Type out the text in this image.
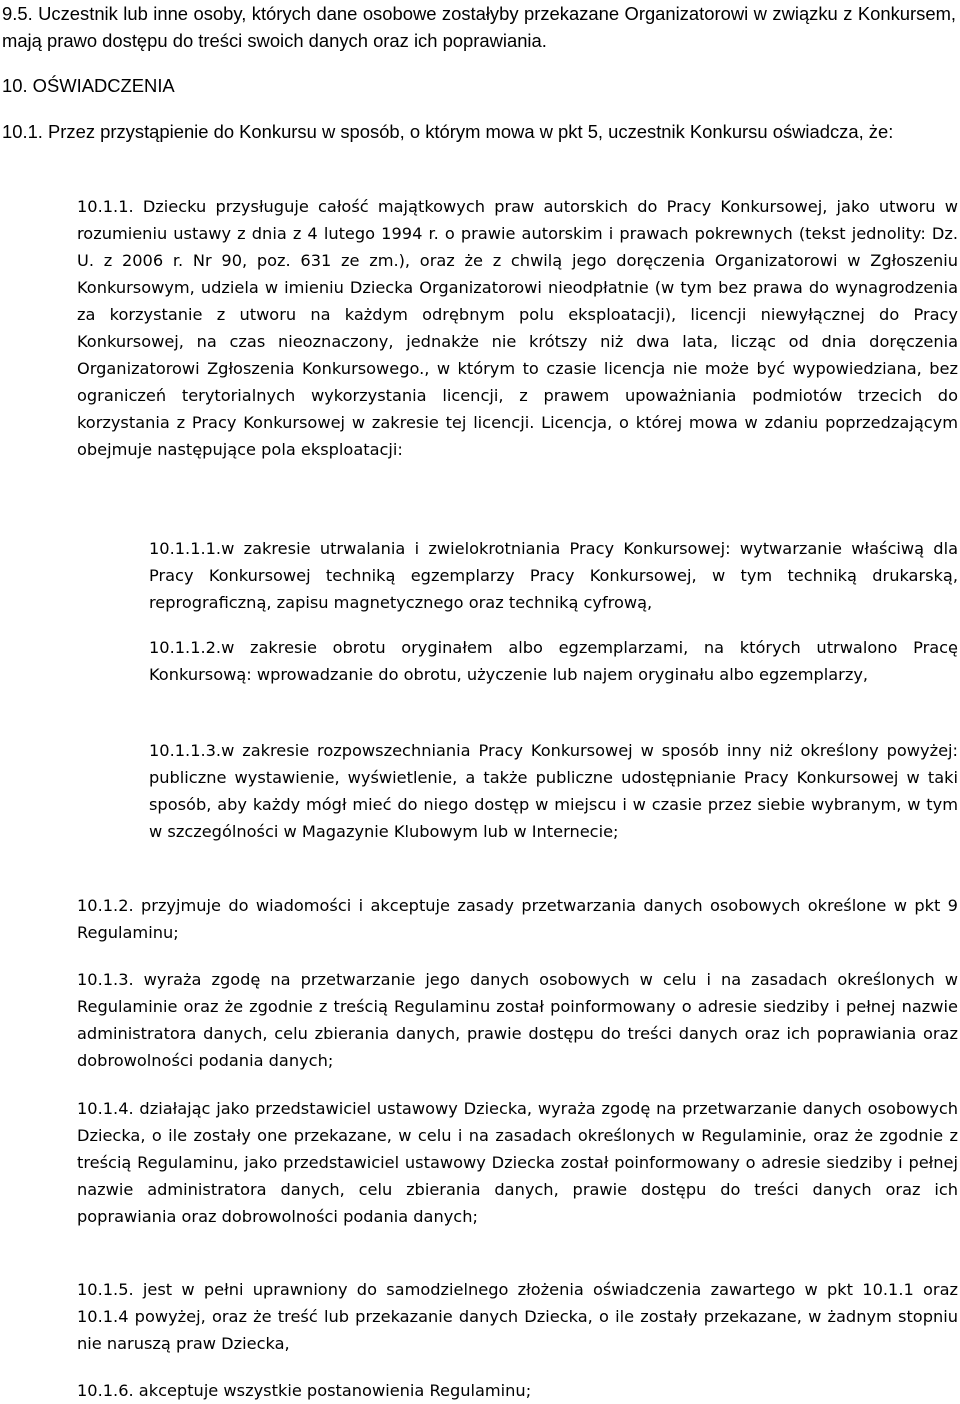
9.5. Uczestnik lub inne osoby, których dane osobowe zostałyby przekazane Organizatorowi w związku z Konkursem, mają prawo dostępu do treści swoich danych oraz ich poprawiania.

10. OŚWIADCZENIA

10.1. Przez przystąpienie do Konkursu w sposób, o którym mowa w pkt 5, uczestnik Konkursu oświadcza, że:

10.1.1. Dziecku przysługuje całość majątkowych praw autorskich do Pracy Konkursowej, jako utworu w rozumieniu ustawy z dnia z 4 lutego 1994 r. o prawie autorskim i prawach pokrewnych (tekst jednolity: Dz. U. z 2006 r. Nr 90, poz. 631 ze zm.), oraz że z chwilą jego doręczenia Organizatorowi w Zgłoszeniu Konkursowym, udziela w imieniu Dziecka Organizatorowi nieodpłatnie (w tym bez prawa do wynagrodzenia za korzystanie z utworu na każdym odrębnym polu eksploatacji), licencji niewyłącznej do Pracy Konkursowej, na czas nieoznaczony, jednakże nie krótszy niż dwa lata, licząc od dnia doręczenia Organizatorowi Zgłoszenia Konkursowego., w którym to czasie licencja nie może być wypowiedziana, bez ograniczeń terytorialnych wykorzystania licencji, z prawem upoważniania podmiotów trzecich do korzystania z Pracy Konkursowej w zakresie tej licencji. Licencja, o której mowa w zdaniu poprzedzającym obejmuje następujące pola eksploatacji:

10.1.1.1.w zakresie utrwalania i zwielokrotniania Pracy Konkursowej: wytwarzanie właściwą dla Pracy Konkursowej techniką egzemplarzy Pracy Konkursowej, w tym techniką drukarską, reprograficzną, zapisu magnetycznego oraz techniką cyfrową,

10.1.1.2.w zakresie obrotu oryginałem albo egzemplarzami, na których utrwalono Pracę Konkursową: wprowadzanie do obrotu, użyczenie lub najem oryginału albo egzemplarzy,

10.1.1.3.w zakresie rozpowszechniania Pracy Konkursowej w sposób inny niż określony powyżej: publiczne wystawienie, wyświetlenie, a także publiczne udostępnianie Pracy Konkursowej w taki sposób, aby każdy mógł mieć do niego dostęp w miejscu i w czasie przez siebie wybranym, w tym w szczególności w Magazynie Klubowym lub w Internecie;

10.1.2. przyjmuje do wiadomości i akceptuje zasady przetwarzania danych osobowych określone w pkt 9 Regulaminu;

10.1.3. wyraża zgodę na przetwarzanie jego danych osobowych w celu i na zasadach określonych w Regulaminie oraz że zgodnie z treścią Regulaminu został poinformowany o adresie siedziby i pełnej nazwie administratora danych, celu zbierania danych, prawie dostępu do treści danych oraz ich poprawiania oraz dobrowolności podania danych;

10.1.4. działając jako przedstawiciel ustawowy Dziecka, wyraża zgodę na przetwarzanie danych osobowych Dziecka, o ile zostały one przekazane, w celu i na zasadach określonych w Regulaminie, oraz że zgodnie z treścią Regulaminu, jako przedstawiciel ustawowy Dziecka został poinformowany o adresie siedziby i pełnej nazwie administratora danych, celu zbierania danych, prawie dostępu do treści danych oraz ich poprawiania oraz dobrowolności podania danych;

10.1.5. jest w pełni uprawniony do samodzielnego złożenia oświadczenia zawartego w pkt 10.1.1 oraz 10.1.4 powyżej, oraz że treść lub przekazanie danych Dziecka, o ile zostały przekazane, w żadnym stopniu nie naruszą praw Dziecka,

10.1.6. akceptuje wszystkie postanowienia Regulaminu;
